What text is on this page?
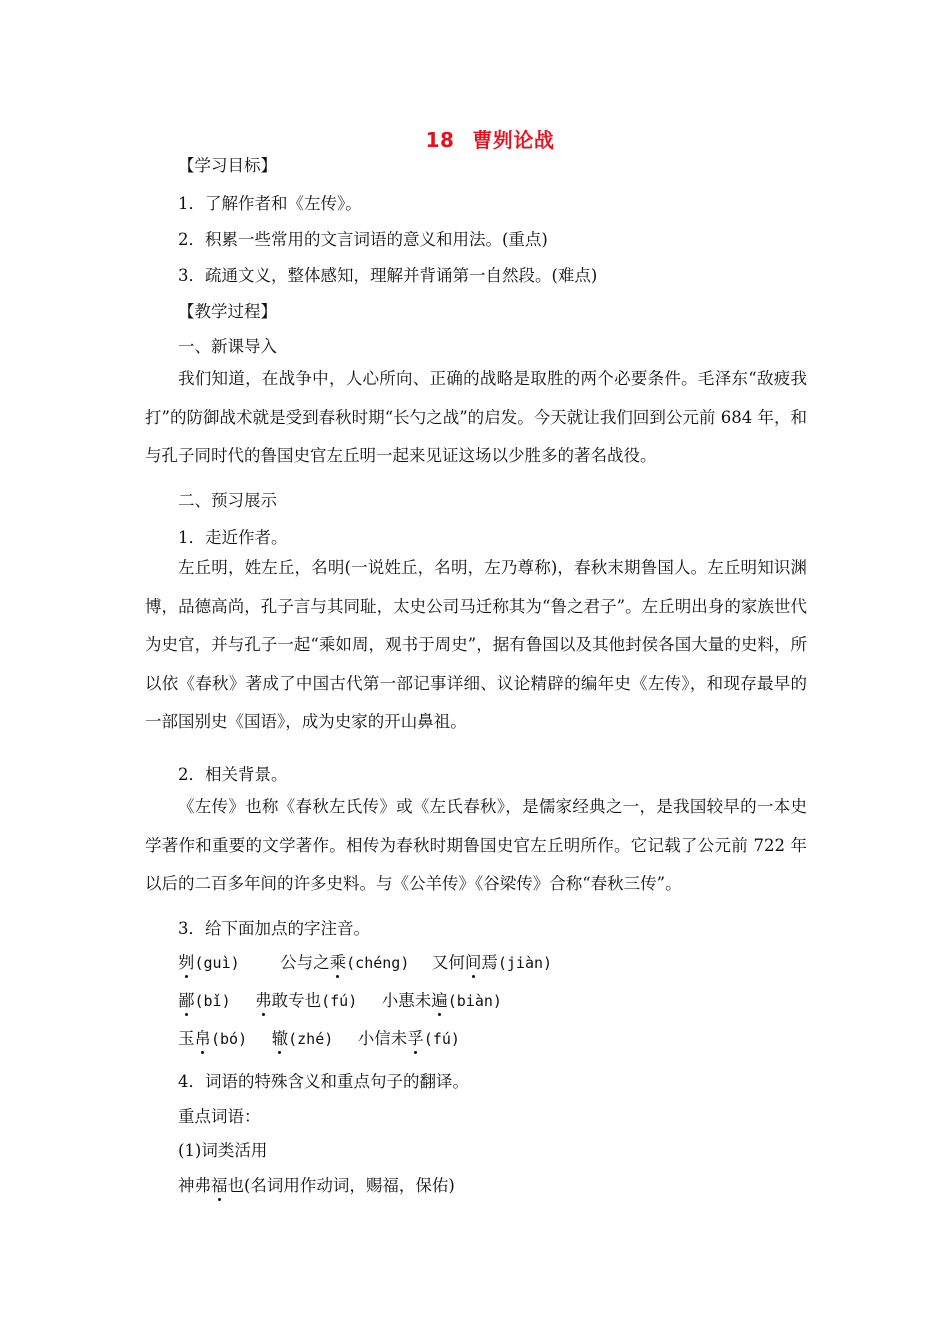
18 曹刿论战
【学习目标】
1．了解作者和《左传》。
2．积累一些常用的文言词语的意义和用法。(重点)
3．疏通文义，整体感知，理解并背诵第一自然段。(难点)
【教学过程】
一、新课导入
我们知道，在战争中，人心所向、正确的战略是取胜的两个必要条件。毛泽东“敌疲我打”的防御战术就是受到春秋时期“长勺之战”的启发。今天就让我们回到公元前 684 年，和与孔子同时代的鲁国史官左丘明一起来见证这场以少胜多的著名战役。
二、预习展示
1．走近作者。
左丘明，姓左丘，名明(一说姓丘，名明，左乃尊称)，春秋末期鲁国人。左丘明知识渊博，品德高尚，孔子言与其同耻，太史公司马迁称其为“鲁之君子”。左丘明出身的家族世代为史官，并与孔子一起“乘如周，观书于周史”，据有鲁国以及其他封侯各国大量的史料，所以依《春秋》著成了中国古代第一部记事详细、议论精辟的编年史《左传》，和现存最早的一部国别史《国语》，成为史家的开山鼻祖。
2．相关背景。
《左传》也称《春秋左氏传》或《左氏春秋》，是儒家经典之一，是我国较早的一本史学著作和重要的文学著作。相传为春秋时期鲁国史官左丘明所作。它记载了公元前 722 年以后的二百多年间的许多史料。与《公羊传》《谷梁传》合称“春秋三传”。
3．给下面加点的字注音。
刿(guì) 公与之乘(chéng) 又何间焉(jiàn)
鄙(bǐ) 弗敢专也(fú) 小惠未遍(biàn)
玉帛(bó) 辙(zhé) 小信未孚(fú)
4．词语的特殊含义和重点句子的翻译。
重点词语：
(1)词类活用
神弗福也(名词用作动词，赐福，保佑)
